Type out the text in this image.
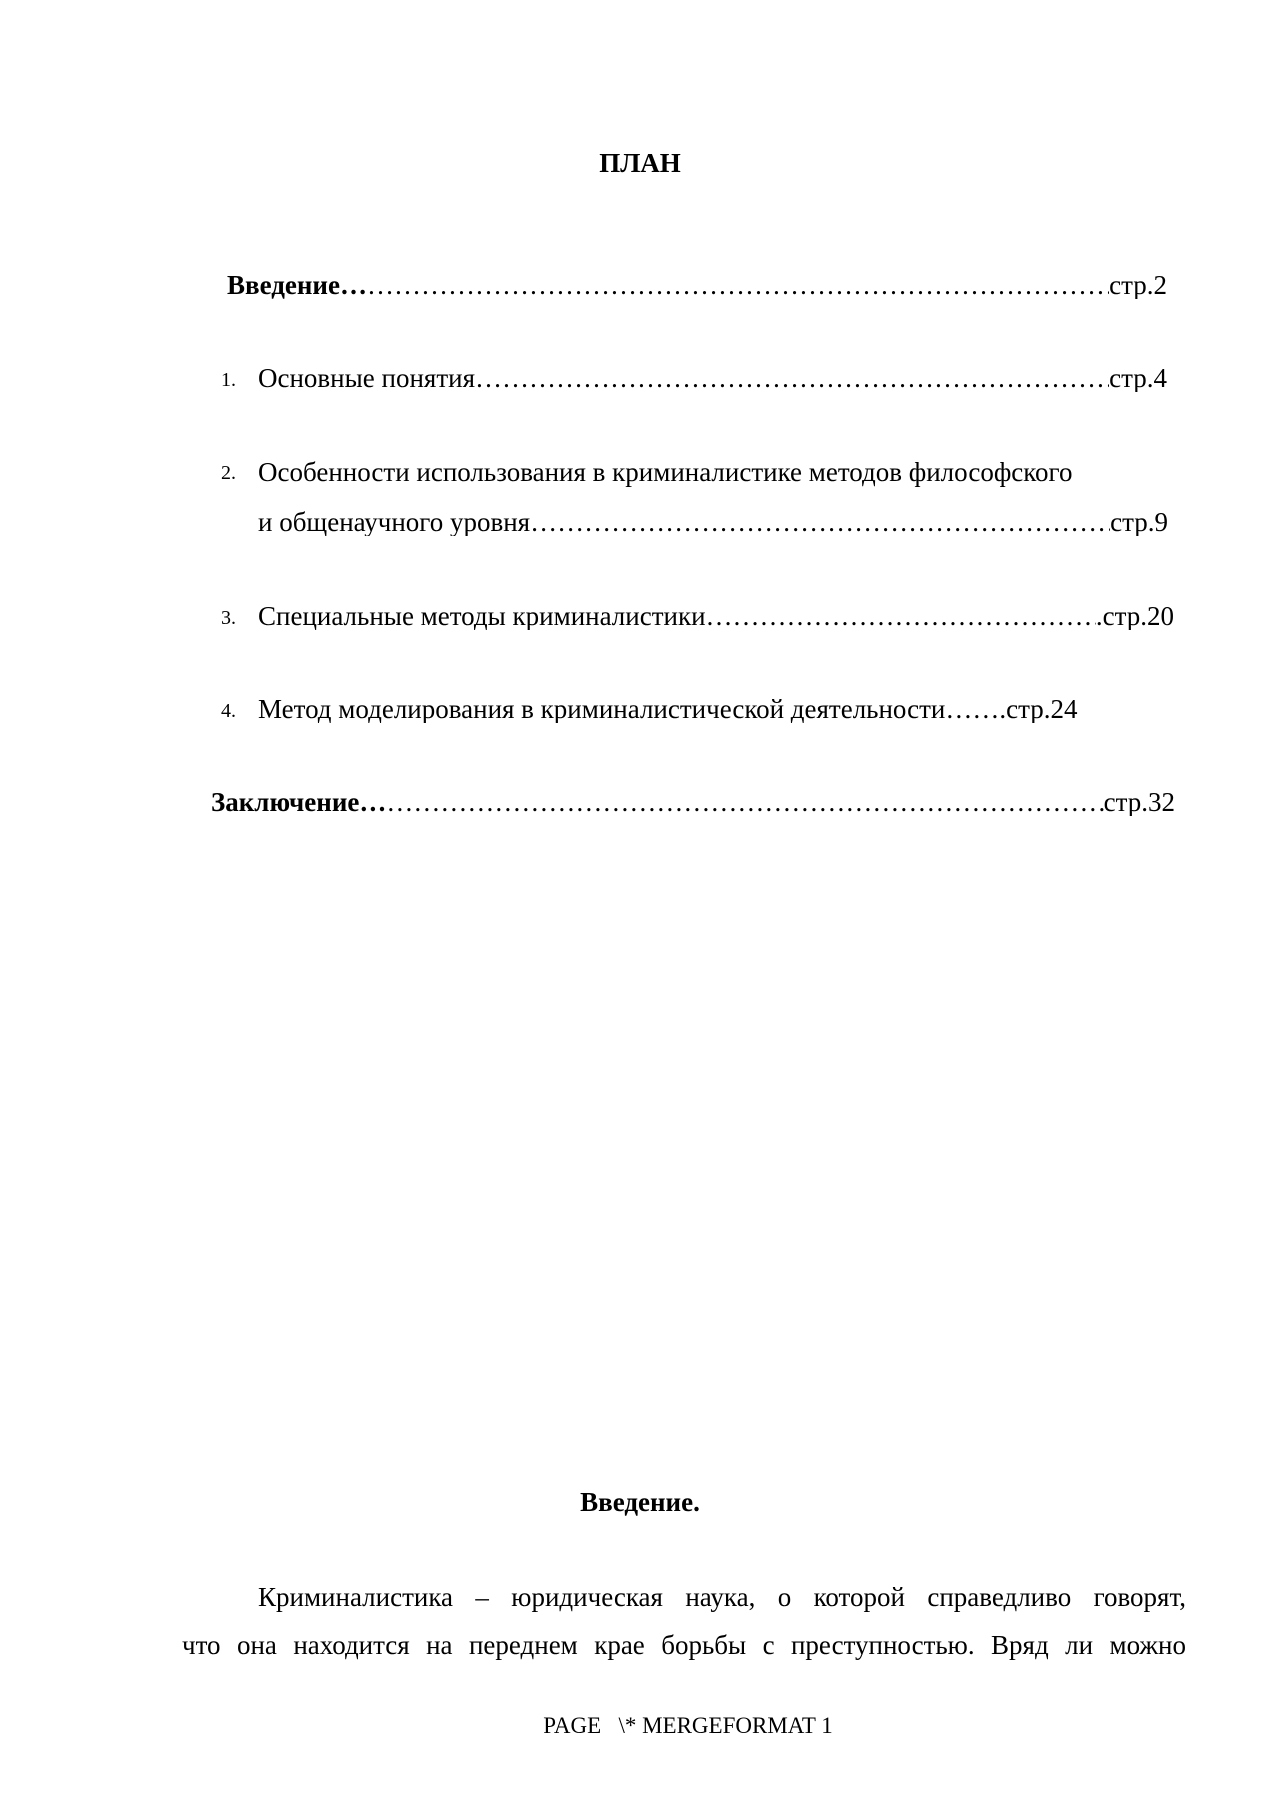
ПЛАН
Введение… ……………………………………………………………………………………………………………………………………………………………………	стр.2
1. Основные понятия ……………………………………………………………………………………………………………………………………………………………………	стр.4
2. Особенности использования в криминалистике методов философского
и общенаучного уровня ……………………………………………………………………………………………………………………………………………………………………	стр.9
3. Специальные методы криминалистики ……………………………………………………………………………………………………………………………………………………………………	.стр.20
4. Метод моделирования в криминалистической деятельности …….стр.24
Заключение… ……………………………………………………………………………………………………………………………………………………………………	стр.32
Введение.
Криминалистика – юридическая наука, о которой справедливо говорят,
что она находится на переднем крае борьбы с преступностью. Вряд ли можно
PAGE   \* MERGEFORMAT 1
